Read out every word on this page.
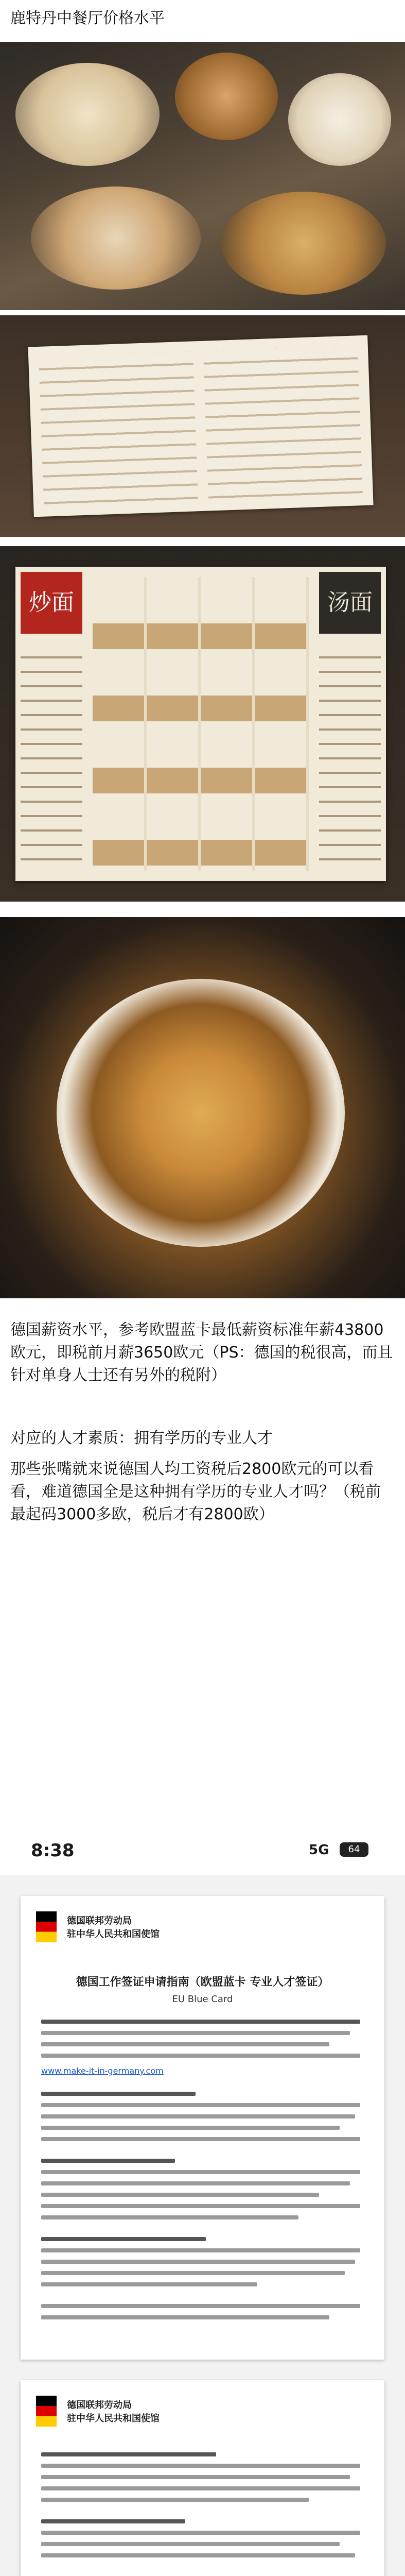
鹿特丹中餐厅价格水平
炒面	汤面
德国薪资水平，参考欧盟蓝卡最低薪资标准年薪43800欧元，即税前月薪3650欧元（PS：德国的税很高，而且针对单身人士还有另外的税附）
对应的人才素质：拥有学历的专业人才
那些张嘴就来说德国人均工资税后2800欧元的可以看看，难道德国全是这种拥有学历的专业人才吗？（税前最起码3000多欧，税后才有2800欧）
8:38	5G	64
德国联邦劳动局
驻中华人民共和国使馆
德国工作签证申请指南（欧盟蓝卡 专业人才签证）
EU Blue Card
www.make-it-in-germany.com
德国联邦劳动局
驻中华人民共和国使馆
